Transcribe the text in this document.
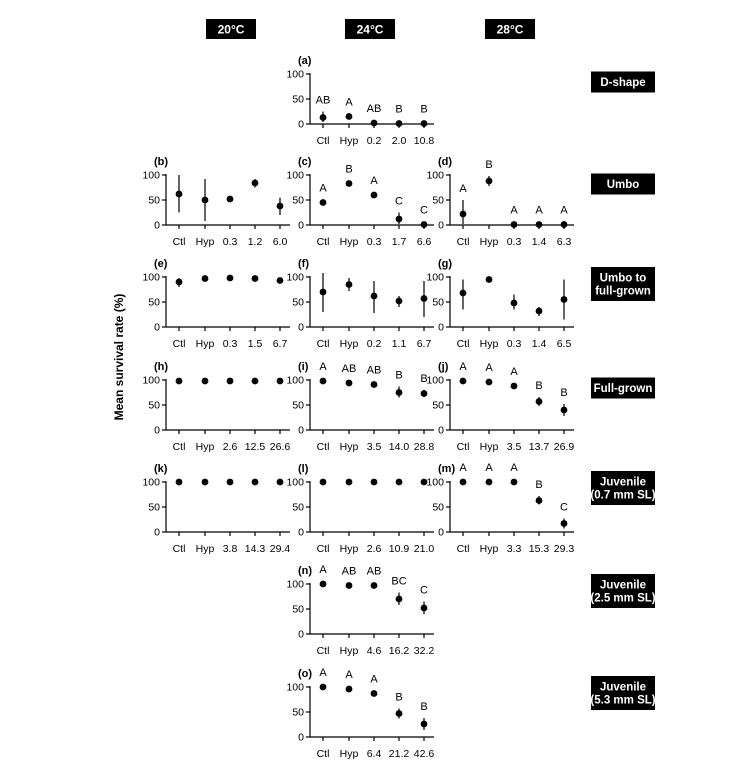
20°C	24°C	28°C
D-shape
Umbo
Umbo to
full-grown
Full-grown
Juvenile
(0.7 mm SL)
Juvenile
(2.5 mm SL)
Juvenile
(5.3 mm SL)
(a)
0
50
100
Ctl
AB
Hyp
A
0.2
AB
2.0
B
10.8
B
(b)
0
50
100
Ctl Hyp 0.3 1.2 6.0
(c)
0
50
100
Ctl
A
Hyp
B
0.3
A
1.7
C
6.6
C
(d)
0
50
100
Ctl
A
Hyp
B
0.3
A
1.4
A
6.3
A
(e)
0
50
100
Ctl Hyp 0.3 1.5 6.7
(f)
0
50
100
Ctl Hyp 0.2 1.1 6.7
(g)
0
50
100
Ctl Hyp 0.3 1.4 6.5
(h)
0
50
100
Ctl Hyp 2.6 12.5 26.6
(i)
0
50
100
Ctl
A
Hyp
AB
3.5
AB
14.0
B
28.8
B
(j)
0
50
100
Ctl
A
Hyp
A
3.5
A
13.7
B
26.9
B
(k)
0
50
100
Ctl Hyp 3.8 14.3 29.4
(l)
0
50
100
Ctl Hyp 2.6 10.9 21.0
(m)
0
50
100
Ctl
A
Hyp
A
3.3
A
15.3
B
29.3
C
(n)
0
50
100
Ctl
A
Hyp
AB
4.6
AB
16.2
BC
32.2
C
(o)
0
50
100
Ctl
A
Hyp
A
6.4
A
21.2
B
42.6
B
Mean survival rate (%)
